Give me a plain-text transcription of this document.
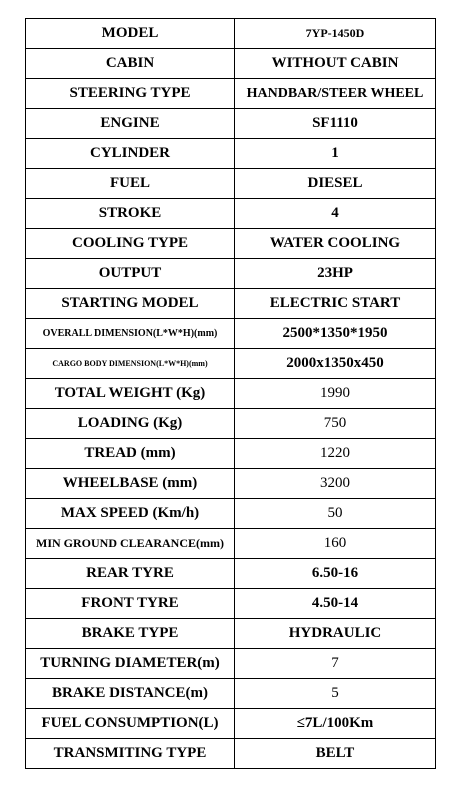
MODEL	7YP-1450D
CABIN	WITHOUT CABIN
STEERING TYPE	HANDBAR/STEER WHEEL
ENGINE	SF1110
CYLINDER	1
FUEL	DIESEL
STROKE	4
COOLING TYPE	WATER COOLING
OUTPUT	23HP
STARTING MODEL	ELECTRIC START
OVERALL DIMENSION(L*W*H)(mm)	2500*1350*1950
CARGO BODY DIMENSION(L*W*H)(mm)	2000x1350x450
TOTAL WEIGHT (Kg)	1990
LOADING (Kg)	750
TREAD (mm)	1220
WHEELBASE (mm)	3200
MAX SPEED (Km/h)	50
MIN GROUND CLEARANCE(mm)	160
REAR TYRE	6.50-16
FRONT TYRE	4.50-14
BRAKE TYPE	HYDRAULIC
TURNING DIAMETER(m)	7
BRAKE DISTANCE(m)	5
FUEL CONSUMPTION(L)	≤7L/100Km
TRANSMITING TYPE	BELT
